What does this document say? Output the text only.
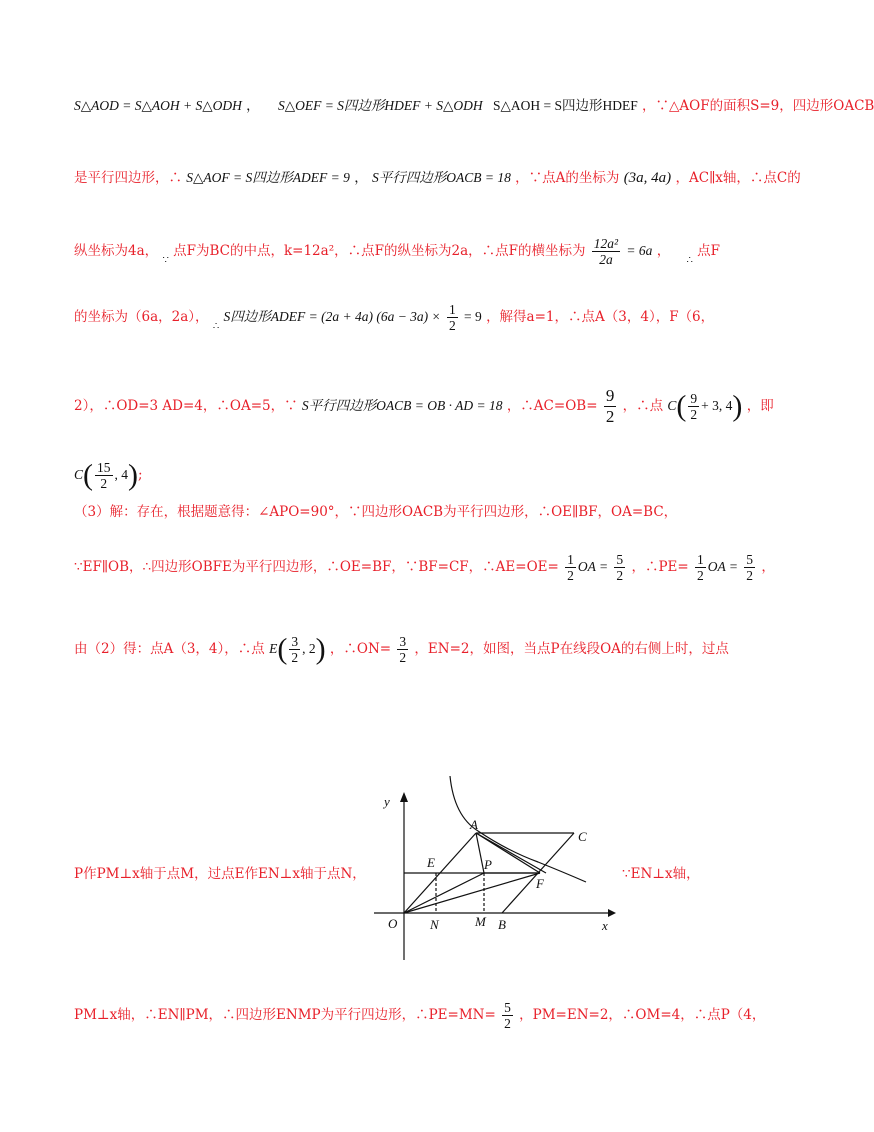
S△AOD = S△AOH + S△ODH ， S△OEF = S四边形HDEF + S△ODH S△AOH = S四边形HDEF ，∵△AOF的面积S=9，四边形OACB
是平行四边形，∴ S△AOF = S四边形ADEF = 9 ， S平行四边形OACB = 18 ，∵点A的坐标为 (3a, 4a) ，AC∥x轴，∴点C的
纵坐标为4a， $_\because$ 点F为BC的中点，k=12a²，∴点F的纵坐标为2a，∴点F的横坐标为 $\frac{\text{12a²}}{2a} = 6a$ ， $_\therefore$ 点F
的坐标为（6a，2a）， $_\therefore$ S四边形ADEF = (2a + 4a) $(6a - 3a) \times \frac{1}{2} = 9$ ，解得a=1，∴点A（3，4），F（6，
2），∴OD=3 AD=4，∴OA=5，∵ S平行四边形OACB = OB · AD = 18 ，∴AC=OB= $\frac{9}{2}$ ，∴点 $C( \frac{9}{2} + 3$, 4) ，即
$C( \frac{15}{2}$ , 4);
（3）解：存在，根据题意得：∠APO=90°，∵四边形OACB为平行四边形，∴OE∥BF，OA=BC，
∵EF∥OB，∴四边形OBFE为平行四边形，∴OE=BF，∵BF=CF，∴AE=OE= $\frac{1}{2}$ OA = $\frac{5}{2}$ ，∴PE= $\frac{1}{2}$ OA = $\frac{5}{2}$ ，
由（2）得：点A（3，4），∴点 $E( \frac{3}{2}$ , 2) ，∴ON= $\frac{3}{2}$ ，EN=2，如图，当点P在线段OA的右侧上时，过点
y
x
O
A
C
E	P
F
N	M B
P作PM⊥x轴于点M，过点E作EN⊥x轴于点N，	∵EN⊥x轴，
PM⊥x轴，∴EN∥PM，∴四边形ENMP为平行四边形，∴PE=MN= $\frac{5}{2}$ ，PM=EN=2，∴OM=4，∴点P（4，
